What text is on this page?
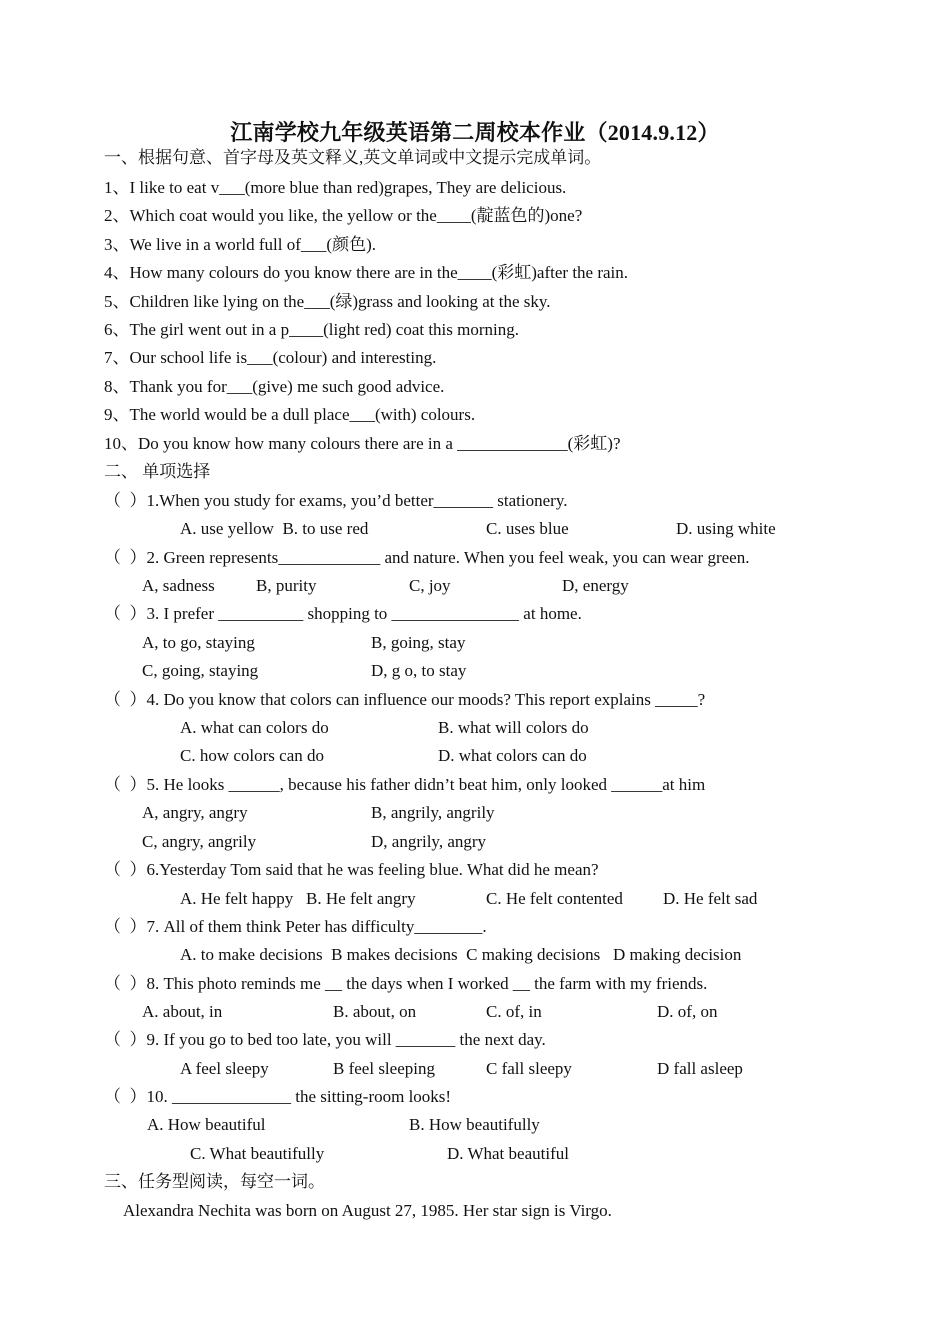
江南学校九年级英语第二周校本作业（2014.9.12）
一、根据句意、首字母及英文释义,英文单词或中文提示完成单词。
1、I like to eat v___(more blue than red)grapes, They are delicious.
2、Which coat would you like, the yellow or the____(靛蓝色的)one?
3、We live in a world full of___(颜色).
4、How many colours do you know there are in the____(彩虹)after the rain.
5、Children like lying on the___(绿)grass and looking at the sky.
6、The girl went out in a p____(light red) coat this morning.
7、Our school life is___(colour) and interesting.
8、Thank you for___(give) me such good advice.
9、The world would be a dull place___(with) colours.
10、Do you know how many colours there are in a _____________(彩虹)?
二、 单项选择
（  ）1.When you study for exams, you’d better_______ stationery.

A. use yellow  B. to use red

	C. uses blue

	D. using white

（  ）2. Green represents____________ and nature. When you feel weak, you can wear green.

A, sadness

B, purity

	C, joy

	D, energy

（  ）3. I prefer __________ shopping to _______________ at home.

A, to go, staying

	B, going, stay

C, going, staying

	D, g o, to stay

（  ）4. Do you know that colors can influence our moods? This report explains _____?

A. what can colors do

	B. what will colors do

C. how colors can do

	D. what colors can do

（  ）5. He looks ______, because his father didn’t beat him, only looked ______at him

A, angry, angry

	B, angrily, angrily

C, angry, angrily

	D, angrily, angry

（  ）6.Yesterday Tom said that he was feeling blue. What did he mean?

A. He felt happy   B. He felt angry

	C. He felt contented

D. He felt sad

（  ）7. All of them think Peter has difficulty________.

A. to make decisions  B makes decisions  C making decisions   D making decision

（  ）8. This photo reminds me __ the days when I worked __ the farm with my friends.

A. about, in

	B. about, on

	C. of, in

	D. of, on

（  ）9. If you go to bed too late, you will _______ the next day.

A feel sleepy

	B feel sleeping

	C fall sleepy

	D fall asleep

（  ）10. ______________ the sitting-room looks!

A. How beautiful

	B. How beautifully

C. What beautifully

	D. What beautiful

三、任务型阅读，每空一词。
Alexandra Nechita was born on August 27, 1985. Her star sign is Virgo.
